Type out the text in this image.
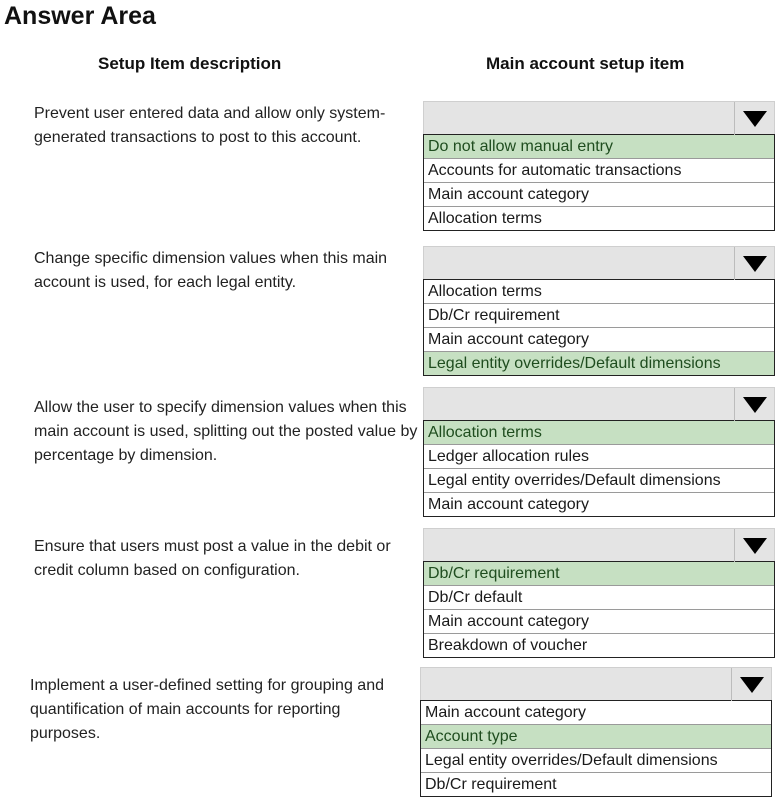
Answer Area
Setup Item description	Main account setup item
Prevent user entered data and allow only system-generated transactions to post to this account.
Do not allow manual entry
Accounts for automatic transactions
Main account category
Allocation terms
Change specific dimension values when this main account is used, for each legal entity.
Allocation terms
Db/Cr requirement
Main account category
Legal entity overrides/Default dimensions
Allow the user to specify dimension values when this main account is used, splitting out the posted value by percentage by dimension.
Allocation terms
Ledger allocation rules
Legal entity overrides/Default dimensions
Main account category
Ensure that users must post a value in the debit or credit column based on configuration.	Db/Cr requirement
Db/Cr default
Main account category
Breakdown of voucher
Implement a user-defined setting for grouping and quantification of main accounts for reporting purposes.
Main account category
Account type
Legal entity overrides/Default dimensions
Db/Cr requirement
